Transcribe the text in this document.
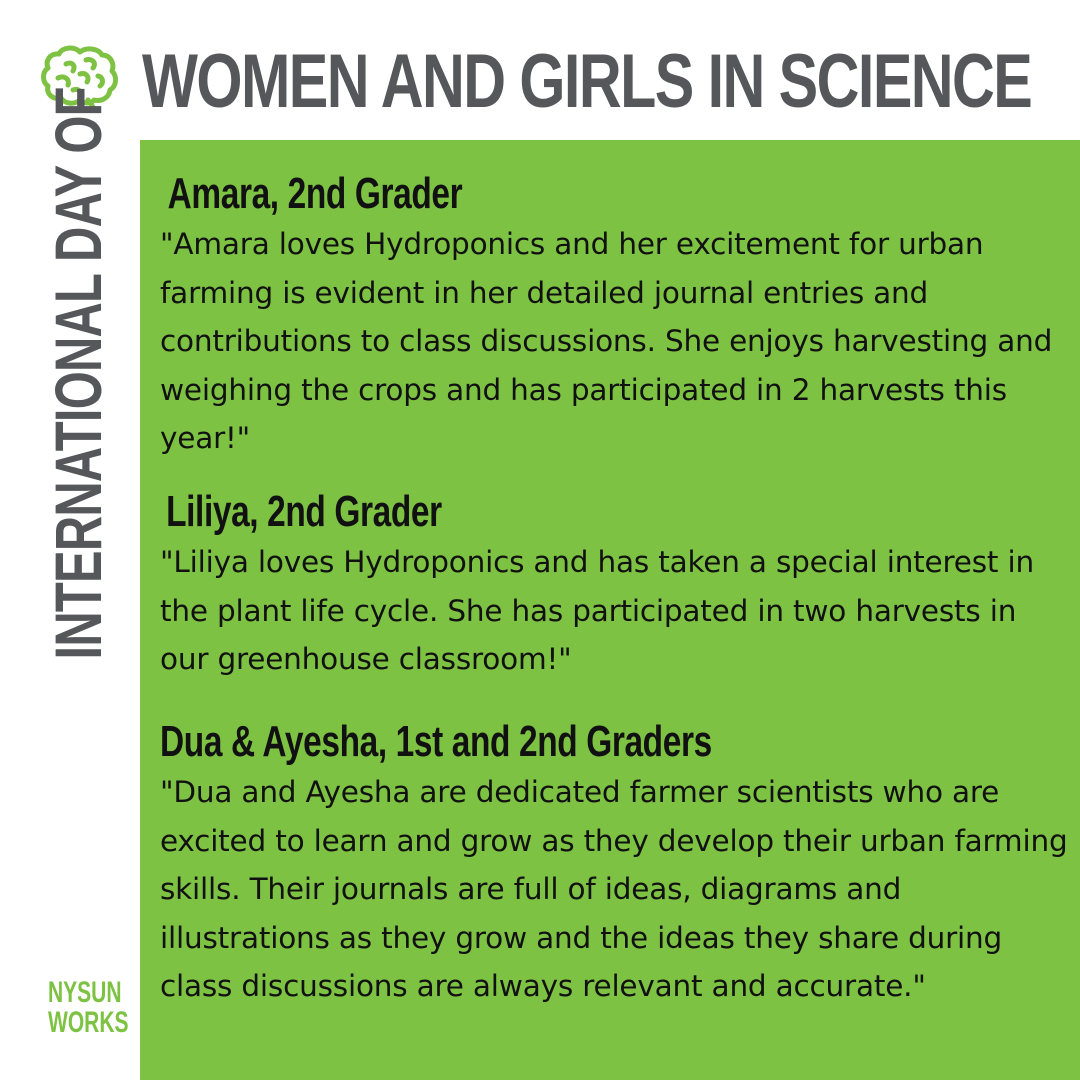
WOMEN AND GIRLS IN SCIENCE
INTERNATIONAL DAY OF Amara, 2nd Grader
"Amara loves Hydroponics and her excitement for urban farming is evident in her detailed journal entries and contributions to class discussions. She enjoys harvesting and weighing the crops and has participated in 2 harvests this year!"
Liliya, 2nd Grader
"Liliya loves Hydroponics and has taken a special interest in the plant life cycle. She has participated in two harvests in our greenhouse classroom!"
Dua & Ayesha, 1st and 2nd Graders
"Dua and Ayesha are dedicated farmer scientists who are excited to learn and grow as they develop their urban farming skills. Their journals are full of ideas, diagrams and illustrations as they grow and the ideas they share during class discussions are always relevant and accurate."
NYSUN
WORKS
